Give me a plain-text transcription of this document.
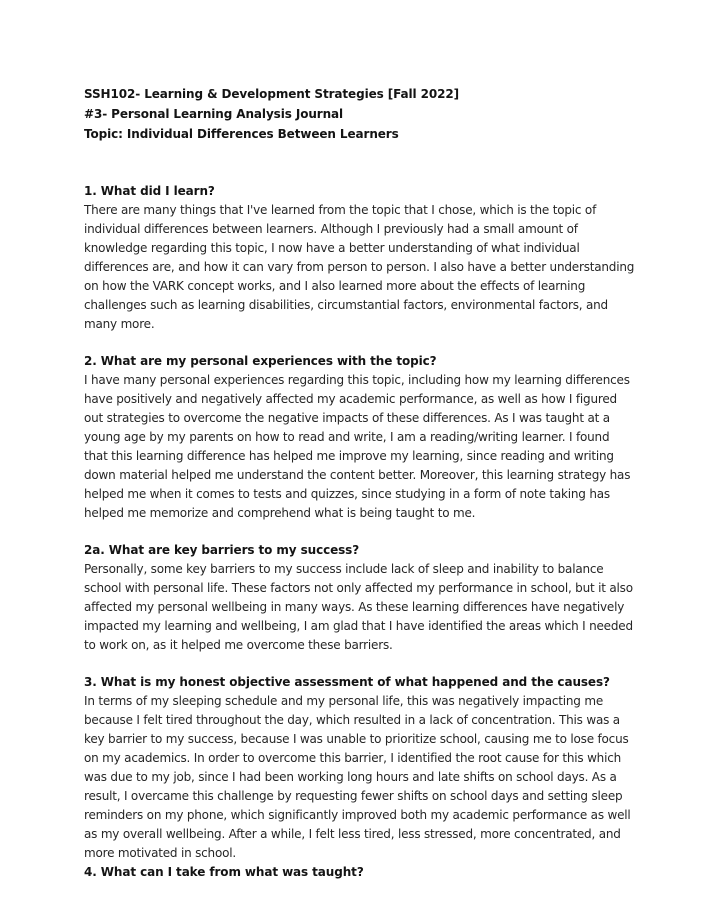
SSH102- Learning & Development Strategies [Fall 2022]
#3- Personal Learning Analysis Journal
Topic: Individual Differences Between Learners
1. What did I learn?
There are many things that I've learned from the topic that I chose, which is the topic of individual differences between learners. Although I previously had a small amount of knowledge regarding this topic, I now have a better understanding of what individual differences are, and how it can vary from person to person. I also have a better understanding on how the VARK concept works, and I also learned more about the effects of learning challenges such as learning disabilities, circumstantial factors, environmental factors, and many more.
2. What are my personal experiences with the topic?
I have many personal experiences regarding this topic, including how my learning differences have positively and negatively affected my academic performance, as well as how I figured out strategies to overcome the negative impacts of these differences. As I was taught at a young age by my parents on how to read and write, I am a reading/writing learner. I found that this learning difference has helped me improve my learning, since reading and writing down material helped me understand the content better. Moreover, this learning strategy has helped me when it comes to tests and quizzes, since studying in a form of note taking has helped me memorize and comprehend what is being taught to me.
2a. What are key barriers to my success?
Personally, some key barriers to my success include lack of sleep and inability to balance school with personal life. These factors not only affected my performance in school, but it also affected my personal wellbeing in many ways. As these learning differences have negatively impacted my learning and wellbeing, I am glad that I have identified the areas which I needed to work on, as it helped me overcome these barriers.
3. What is my honest objective assessment of what happened and the causes?
In terms of my sleeping schedule and my personal life, this was negatively impacting me because I felt tired throughout the day, which resulted in a lack of concentration. This was a key barrier to my success, because I was unable to prioritize school, causing me to lose focus on my academics. In order to overcome this barrier, I identified the root cause for this which was due to my job, since I had been working long hours and late shifts on school days. As a result, I overcame this challenge by requesting fewer shifts on school days and setting sleep reminders on my phone, which significantly improved both my academic performance as well as my overall wellbeing. After a while, I felt less tired, less stressed, more concentrated, and more motivated in school.
4. What can I take from what was taught?
